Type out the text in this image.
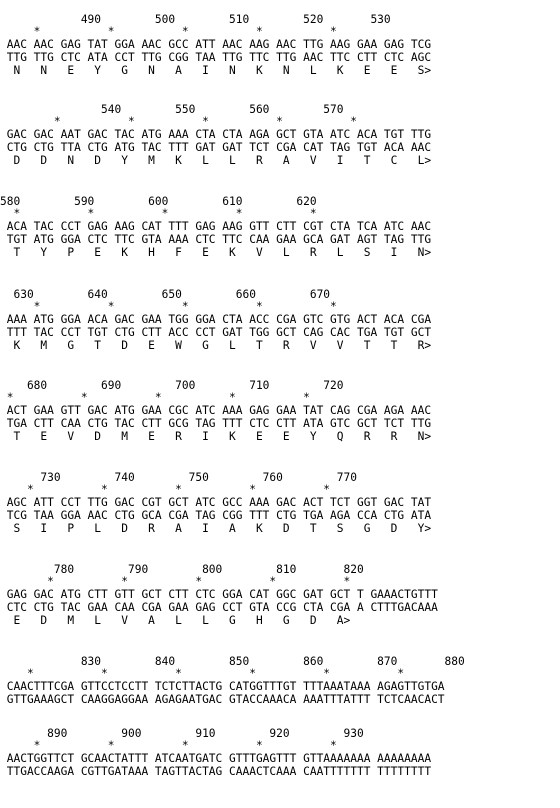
490        500        510        520       530
*          *          *          *          *
AAC AAC GAG TAT GGA AAC GCC ATT AAC AAG AAC TTG AAG GAA GAG TCG
TTG TTG CTC ATA CCT TTG CGG TAA TTG TTC TTG AAC TTC CTT CTC AGC
N   N   E   Y   G   N   A   I   N   K   N   L   K   E   E   S>
540        550        560        570
*          *          *          *          *
GAC GAC AAT GAC TAC ATG AAA CTA CTA AGA GCT GTA ATC ACA TGT TTG
CTG CTG TTA CTG ATG TAC TTT GAT GAT TCT CGA CAT TAG TGT ACA AAC
D   D   N   D   Y   M   K   L   L   R   A   V   I   T   C   L>
580        590        600        610        620
*          *          *          *          *
ACA TAC CCT GAG AAG CAT TTT GAG AAG GTT CTT CGT CTA TCA ATC AAC
TGT ATG GGA CTC TTC GTA AAA CTC TTC CAA GAA GCA GAT AGT TAG TTG
T   Y   P   E   K   H   F   E   K   V   L   R   L   S   I   N>
630        640        650        660        670
*          *          *          *          *
AAA ATG GGA ACA GAC GAA TGG GGA CTA ACC CGA GTC GTG ACT ACA CGA
TTT TAC CCT TGT CTG CTT ACC CCT GAT TGG GCT CAG CAC TGA TGT GCT
K   M   G   T   D   E   W   G   L   T   R   V   V   T   T   R>
680        690        700        710        720
*          *          *          *          *
ACT GAA GTT GAC ATG GAA CGC ATC AAA GAG GAA TAT CAG CGA AGA AAC
TGA CTT CAA CTG TAC CTT GCG TAG TTT CTC CTT ATA GTC GCT TCT TTG
T   E   V   D   M   E   R   I   K   E   E   Y   Q   R   R   N>
730        740        750        760        770
*          *          *          *          *
AGC ATT CCT TTG GAC CGT GCT ATC GCC AAA GAC ACT TCT GGT GAC TAT
TCG TAA GGA AAC CTG GCA CGA TAG CGG TTT CTG TGA AGA CCA CTG ATA
S   I   P   L   D   R   A   I   A   K   D   T   S   G   D   Y>
780        790        800        810       820
*          *          *          *          *
GAG GAC ATG CTT GTT GCT CTT CTC GGA CAT GGC GAT GCT T GAAACTGTTT
CTC CTG TAC GAA CAA CGA GAA GAG CCT GTA CCG CTA CGA A CTTTGACAAA
E   D   M   L   V   A   L   L   G   H   G   D   A>
830        840        850        860        870       880
*          *          *          *          *          *
CAACTTTCGA GTTCCTCCTT TCTCTTACTG CATGGTTTGT TTTAAATAAA AGAGTTGTGA
GTTGAAAGCT CAAGGAGGAA AGAGAATGAC GTACCAAACA AAATTTATTT TCTCAACACT
890        900        910        920        930
*          *          *          *          *
AACTGGTTCT GCAACTATTT ATCAATGATC GTTTGAGTTT GTTAAAAAAA AAAAAAAA
TTGACCAAGA CGTTGATAAA TAGTTACTAG CAAACTCAAA CAATTTTTTT TTTTTTTT
